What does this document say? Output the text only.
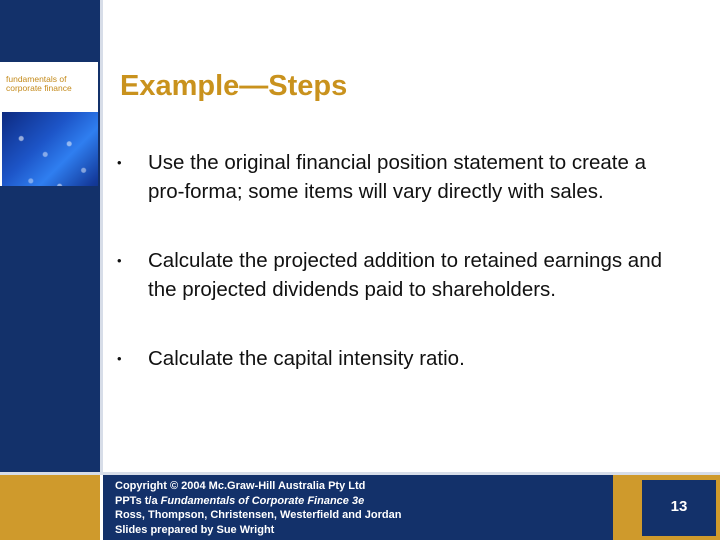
fundamentals of
corporate finance	Example—Steps
• Use the original financial position statement to create a pro-forma; some items will vary directly with sales.
• Calculate the projected addition to retained earnings and the projected dividends paid to shareholders.
• Calculate the capital intensity ratio.
Copyright © 2004 Mc.Graw-Hill Australia Pty Ltd
PPTs t/a Fundamentals of Corporate Finance 3e
Ross, Thompson, Christensen, Westerfield and Jordan
Slides prepared by Sue Wright
13
